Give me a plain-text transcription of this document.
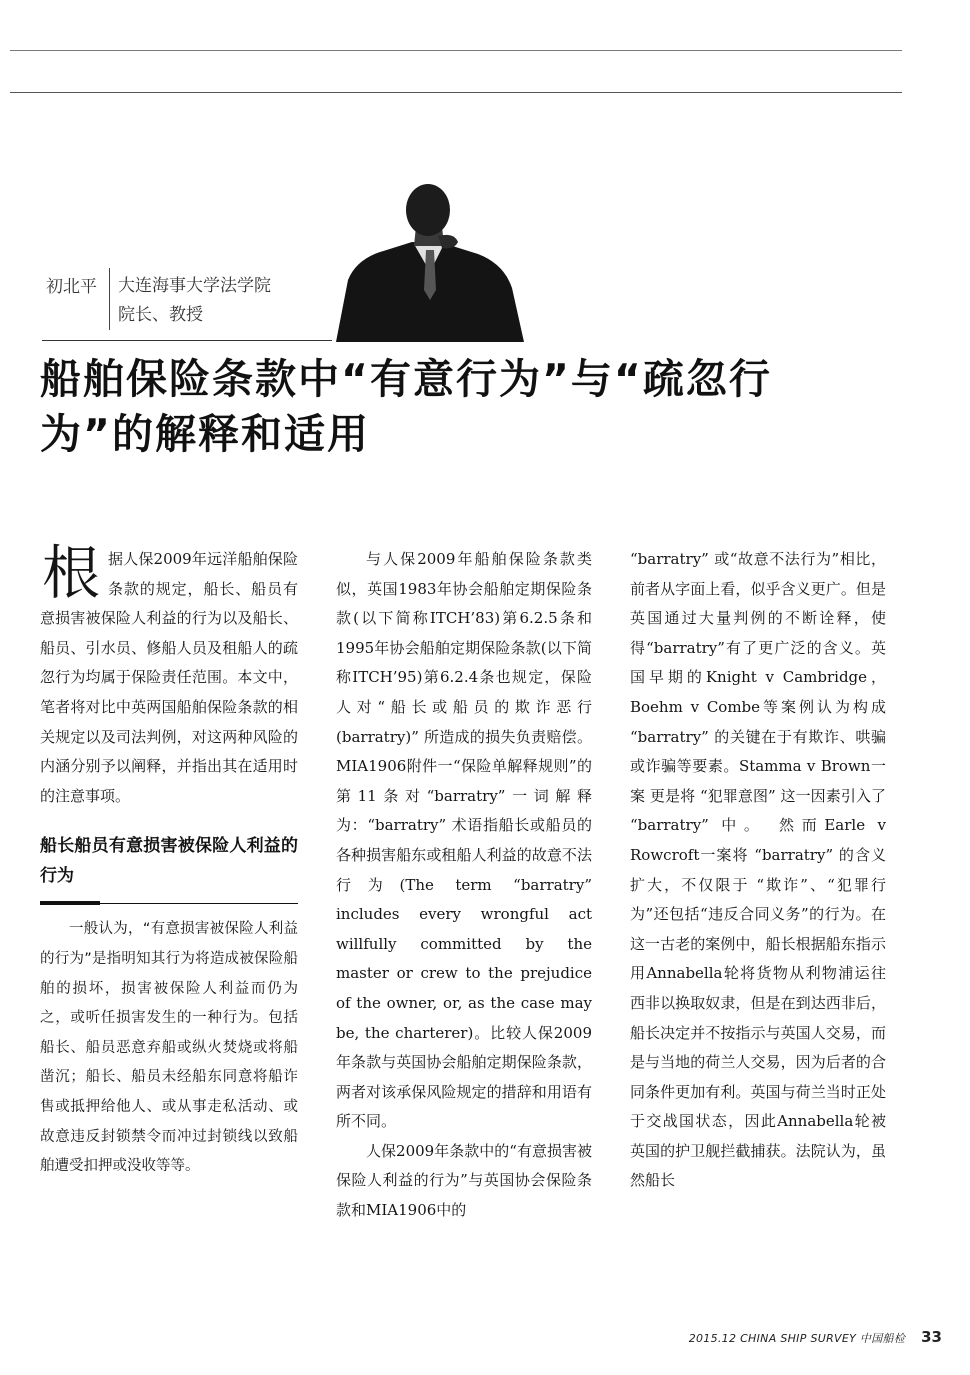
初北平 大连海事大学法学院
院长、教授
船舶保险条款中“有意行为”与“疏忽行为”的解释和适用

根据人保2009年远洋船舶保险条款的规定，船长、船员有意损害被保险人利益的行为以及船长、船员、引水员、修船人员及租船人的疏忽行为均属于保险责任范围。本文中，笔者将对比中英两国船舶保险条款的相关规定以及司法判例，对这两种风险的内涵分别予以阐释，并指出其在适用时的注意事项。

船长船员有意损害被保险人利益的行为

一般认为，“有意损害被保险人利益的行为”是指明知其行为将造成被保险船舶的损坏，损害被保险人利益而仍为之，或听任损害发生的一种行为。包括船长、船员恶意弃船或纵火焚烧或将船凿沉；船长、船员未经船东同意将船诈售或抵押给他人、或从事走私活动、或故意违反封锁禁令而冲过封锁线以致船舶遭受扣押或没收等等。

与人保2009年船舶保险条款类似，英国1983年协会船舶定期保险条款(以下简称ITCH’83)第6.2.5条和1995年协会船舶定期保险条款(以下简称ITCH’95)第6.2.4条也规定，保险人对“船长或船员的欺诈恶行 (barratry)” 所造成的损失负责赔偿。MIA1906附件一“保险单解释规则”的第11条对“barratry”一词解释为：“barratry” 术语指船长或船员的各种损害船东或租船人利益的故意不法行为(The term “barratry” includes every wrongful act willfully committed by the master or crew to the prejudice of the owner, or, as the case may be, the charterer)。比较人保2009年条款与英国协会船舶定期保险条款，两者对该承保风险规定的措辞和用语有所不同。

人保2009年条款中的“有意损害被保险人利益的行为”与英国协会保险条款和MIA1906中的

“barratry” 或“故意不法行为”相比，前者从字面上看，似乎含义更广。但是英国通过大量判例的不断诠释，使得“barratry”有了更广泛的含义。英国早期的Knight v Cambridge，Boehm v Combe等案例认为构成 “barratry” 的关键在于有欺诈、哄骗或诈骗等要素。Stamma v Brown一 案 更是将 “犯罪意图” 这一因素引入了 “barratry” 中。 然而Earle v Rowcroft一案将 “barratry” 的含义扩大，不仅限于 “欺诈”、“犯罪行为”还包括“违反合同义务”的行为。在这一古老的案例中，船长根据船东指示用Annabella轮将货物从利物浦运往西非以换取奴隶，但是在到达西非后，船长决定并不按指示与英国人交易，而是与当地的荷兰人交易，因为后者的合同条件更加有利。英国与荷兰当时正处于交战国状态，因此Annabella轮被英国的护卫舰拦截捕获。法院认为，虽然船长

2015.12 CHINA SHIP SURVEY 中国船检 33
